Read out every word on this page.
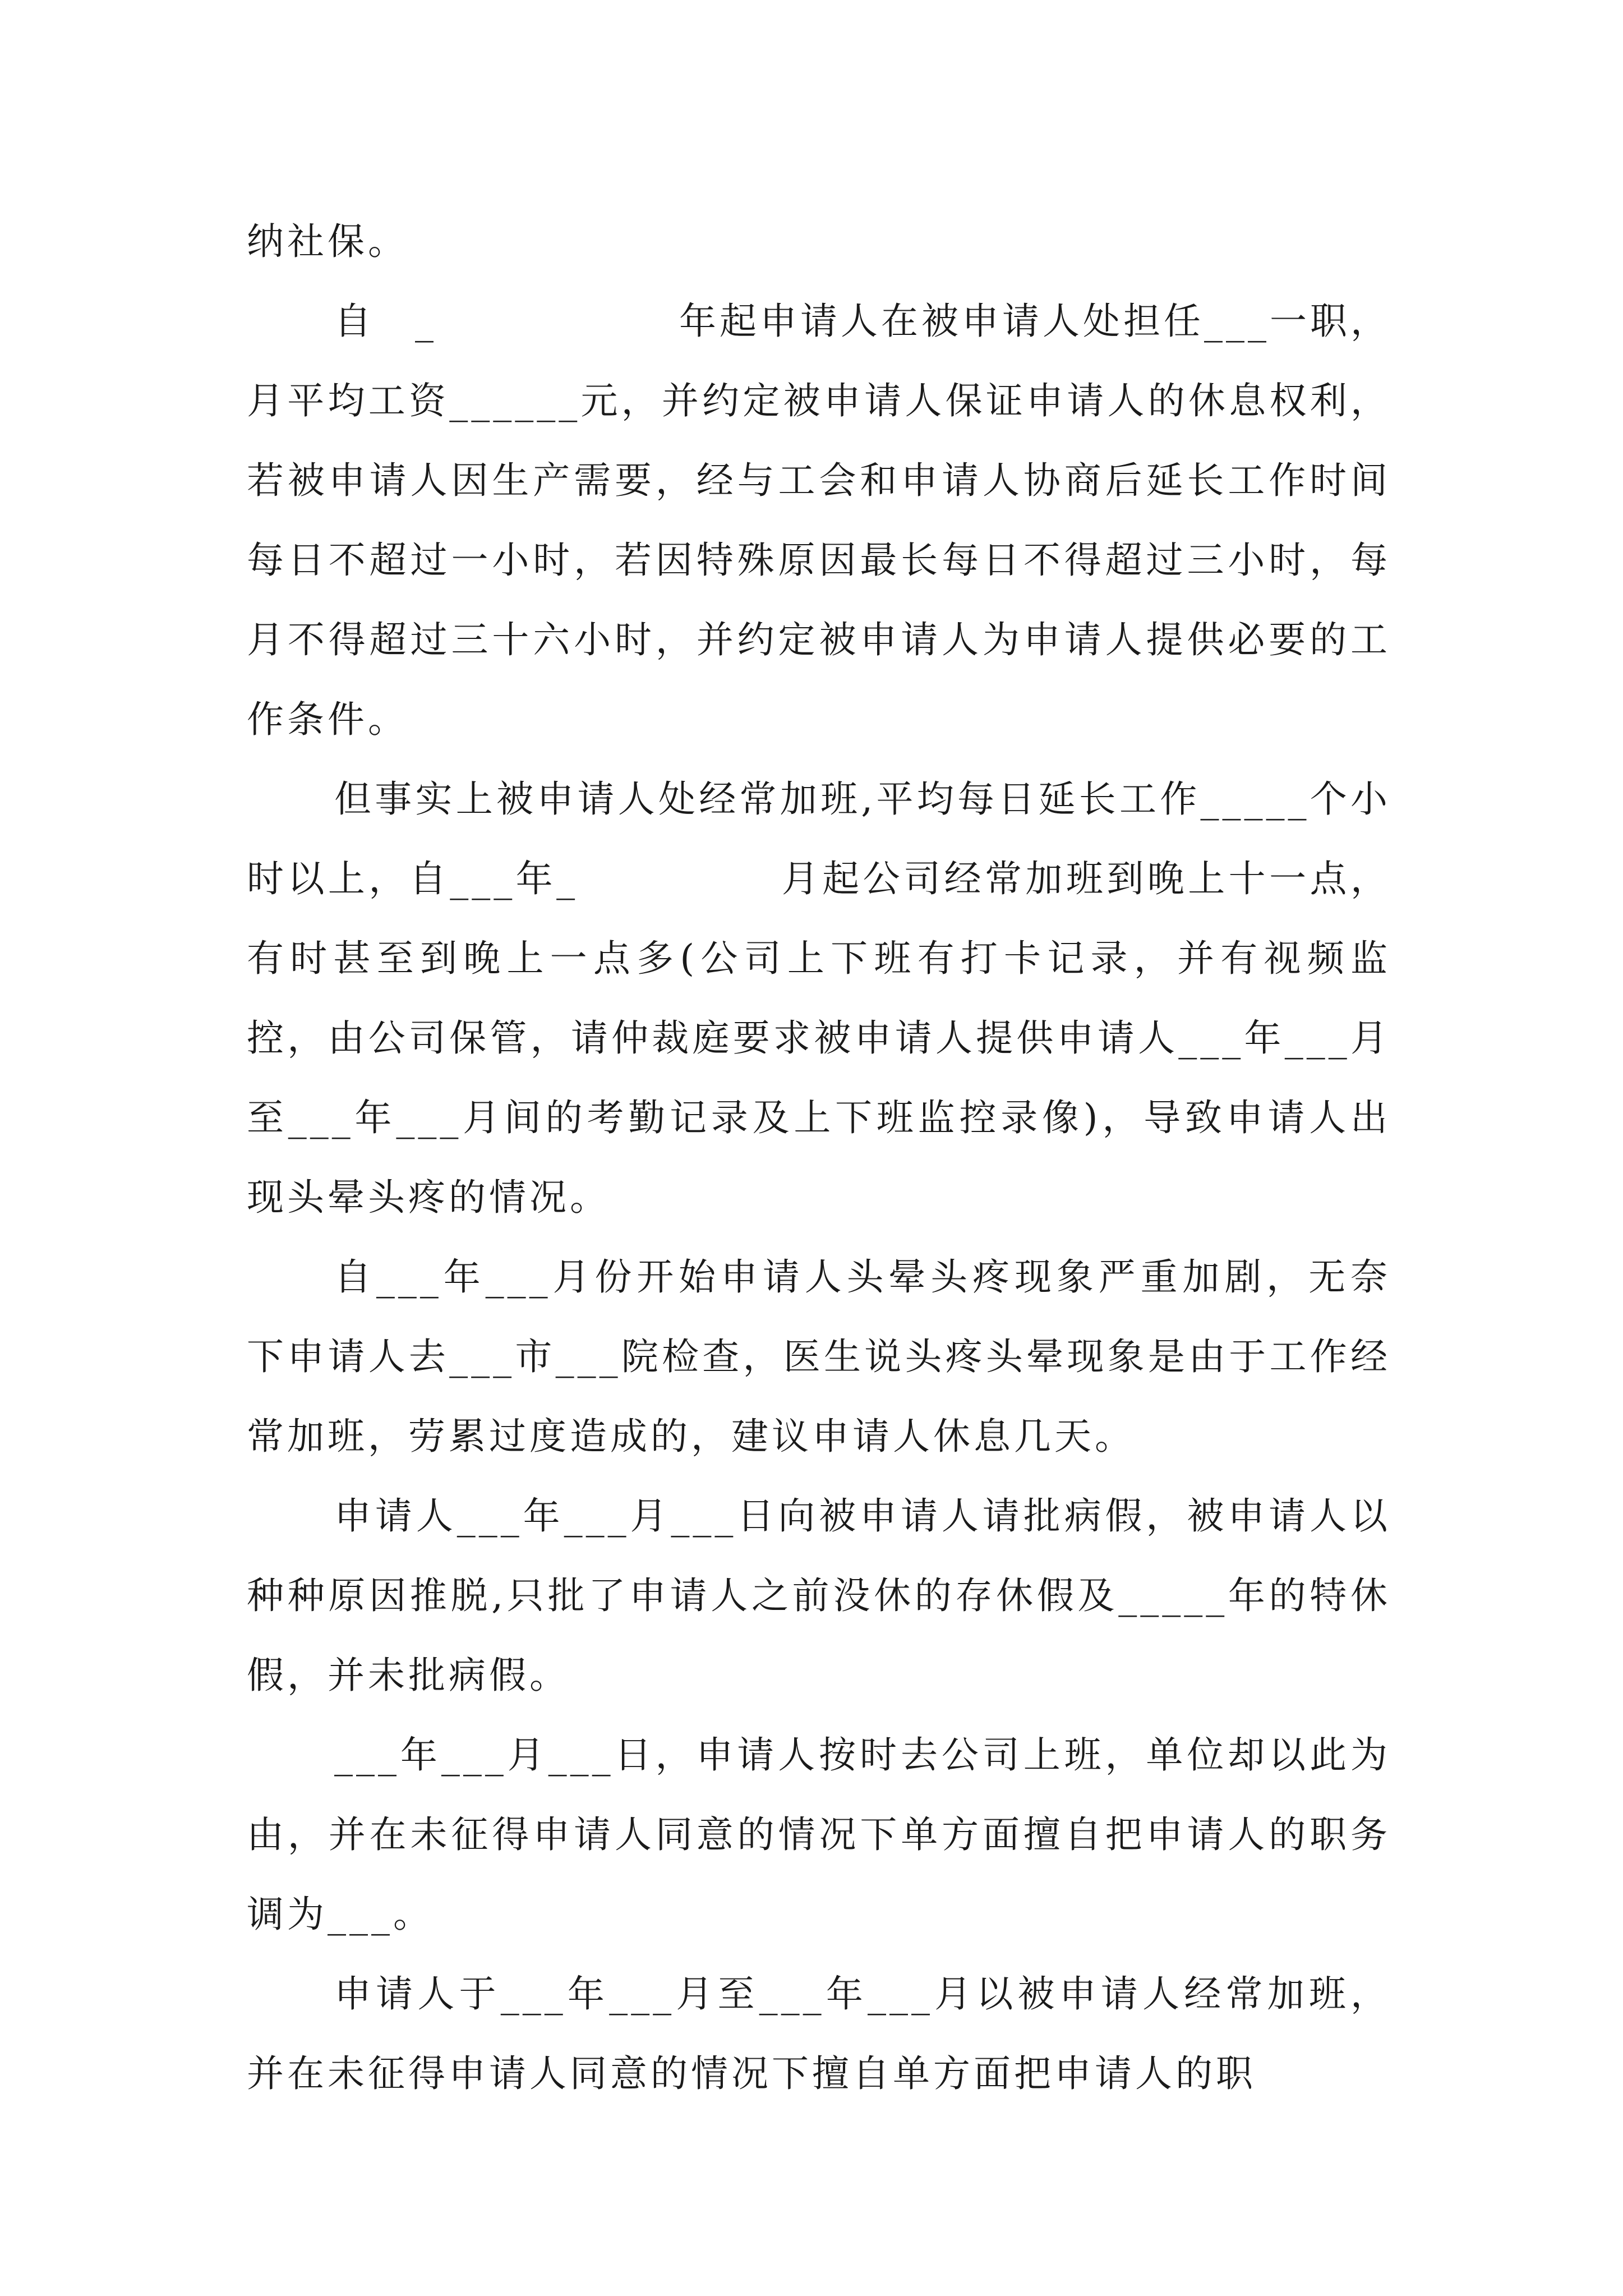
纳社保。

自　_　　　　　　年起申请人在被申请人处担任___一职，月平均工资______元，并约定被申请人保证申请人的休息权利，若被申请人因生产需要，经与工会和申请人协商后延长工作时间每日不超过一小时，若因特殊原因最长每日不得超过三小时，每月不得超过三十六小时，并约定被申请人为申请人提供必要的工作条件。

但事实上被申请人处经常加班,平均每日延长工作_____个小时以上，自___年_　　　　　月起公司经常加班到晚上十一点，有时甚至到晚上一点多(公司上下班有打卡记录，并有视频监控，由公司保管，请仲裁庭要求被申请人提供申请人___年___月至___年___月间的考勤记录及上下班监控录像)，导致申请人出现头晕头疼的情况。

自___年___月份开始申请人头晕头疼现象严重加剧，无奈下申请人去___市___院检查，医生说头疼头晕现象是由于工作经常加班，劳累过度造成的，建议申请人休息几天。

申请人___年___月___日向被申请人请批病假，被申请人以种种原因推脱,只批了申请人之前没休的存休假及_____年的特休假，并未批病假。

___年___月___日，申请人按时去公司上班，单位却以此为由，并在未征得申请人同意的情况下单方面擅自把申请人的职务调为___。

申请人于___年___月至___年___月以被申请人经常加班，并在未征得申请人同意的情况下擅自单方面把申请人的职
